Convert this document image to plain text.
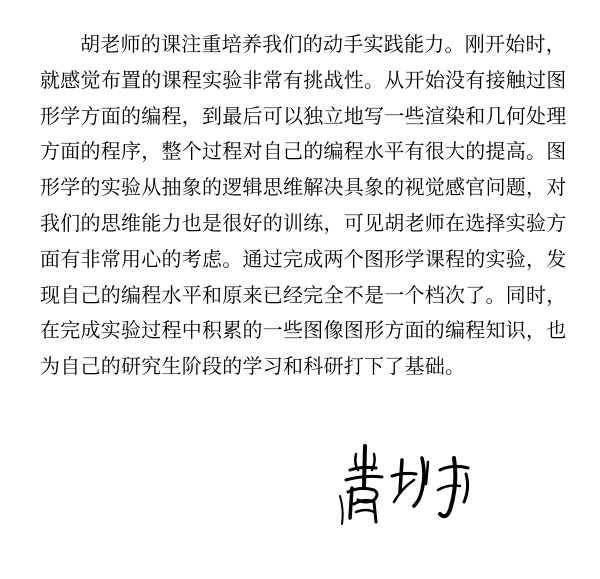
胡老师的课注重培养我们的动手实践能力。刚开始时，
就感觉布置的课程实验非常有挑战性。从开始没有接触过图
形学方面的编程，到最后可以独立地写一些渲染和几何处理
方面的程序，整个过程对自己的编程水平有很大的提高。图
形学的实验从抽象的逻辑思维解决具象的视觉感官问题，对
我们的思维能力也是很好的训练，可见胡老师在选择实验方
面有非常用心的考虑。通过完成两个图形学课程的实验，发
现自己的编程水平和原来已经完全不是一个档次了。同时，
在完成实验过程中积累的一些图像图形方面的编程知识，也
为自己的研究生阶段的学习和科研打下了基础。
